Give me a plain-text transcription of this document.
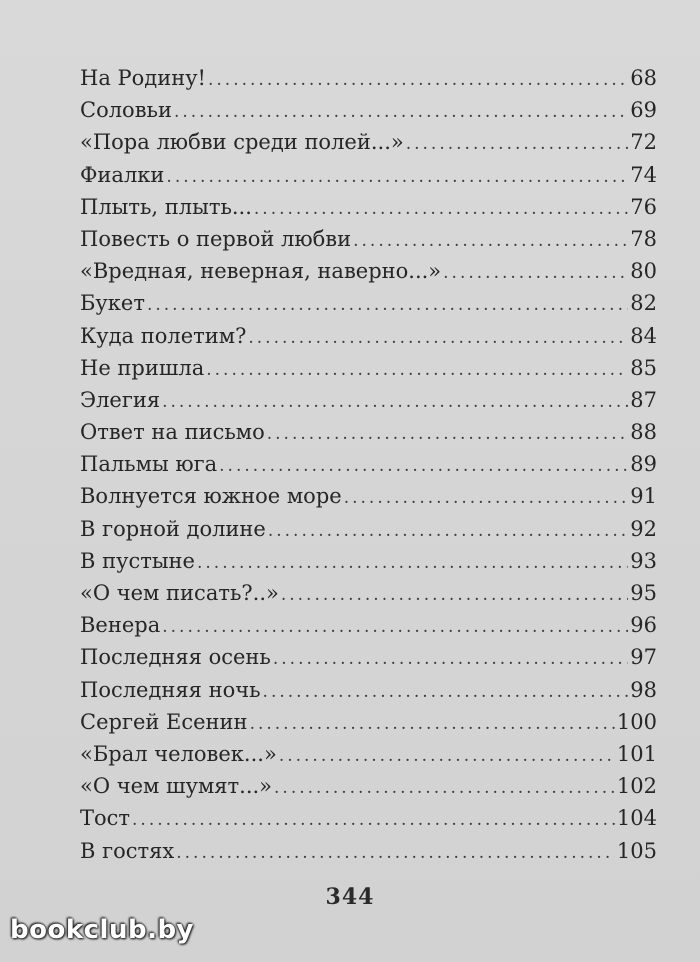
На Родину! .....	68
Соловьи .....	69
«Пора любви среди полей...» .....	72
Фиалки .....	74
Плыть, плыть... .....	76
Повесть о первой любви .....	78
«Вредная, неверная, наверно...» .....	80
Букет .....	82
Куда полетим? .....	84
Не пришла .....	85
Элегия .....	87
Ответ на письмо .....	88
Пальмы юга .....	89
Волнуется южное море .....	91
В горной долине .....	92
В пустыне .....	93
«О чем писать?..» .....	95
Венера .....	96
Последняя осень .....	97
Последняя ночь .....	98
Сергей Есенин .....	100
«Брал человек...» .....	101
«О чем шумят...» .....	102
Тост .....	104
В гостях .....	105
344
bookclub.by
